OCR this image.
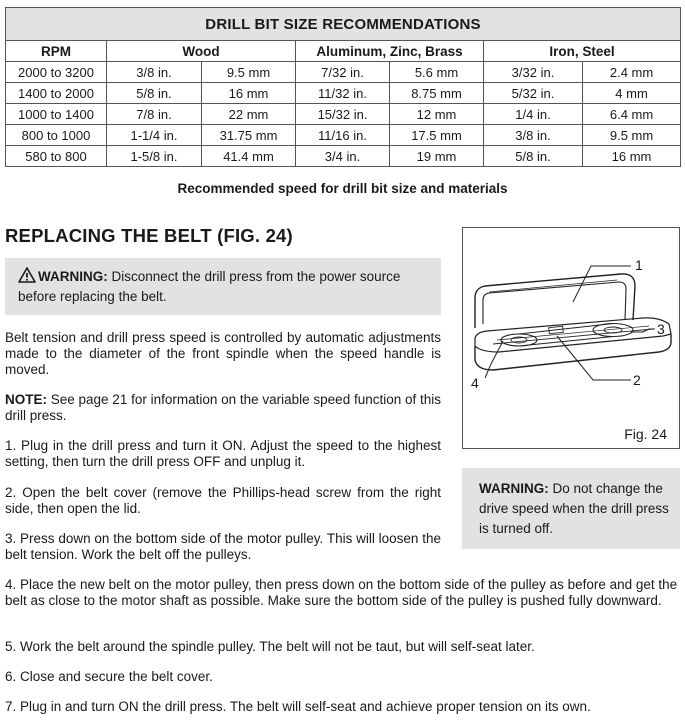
DRILL BIT SIZE RECOMMENDATIONS						
RPM	Wood		Aluminum, Zinc, Brass		Iron, Steel	
2000 to 3200	3/8 in.	9.5 mm	7/32 in.	5.6 mm	3/32 in.	2.4 mm
1400 to 2000	5/8 in.	16 mm	11/32 in.	8.75 mm	5/32 in.	4 mm
1000 to 1400	7/8 in.	22 mm	15/32 in.	12 mm	1/4 in.	6.4 mm
800 to 1000	1-1/4 in.	31.75 mm	11/16 in.	17.5 mm	3/8 in.	9.5 mm
580 to 800	1-5/8 in.	41.4 mm	3/4 in.	19 mm	5/8 in.	16 mm
Recommended speed for drill bit size and materials
REPLACING THE BELT (FIG. 24)
WARNING: Disconnect the drill press from the power source before replacing the belt.
Belt tension and drill press speed is controlled by automatic adjustments made to the diameter of the front spindle when the speed handle is moved.
NOTE: See page 21 for information on the variable speed function of this drill press.
1. Plug in the drill press and turn it ON. Adjust the speed to the highest setting, then turn the drill press OFF and unplug it.
2. Open the belt cover (remove the Phillips-head screw from the right side, then open the lid.
3. Press down on the bottom side of the motor pulley. This will loosen the belt tension. Work the belt off the pulleys.
4. Place the new belt on the motor pulley, then press down on the bottom side of the pulley as before and get the belt as close to the motor shaft as possible. Make sure the bottom side of the pulley is pushed fully downward.
5. Work the belt around the spindle pulley. The belt will not be taut, but will self-seat later.
6. Close and secure the belt cover.
7. Plug in and turn ON the drill press. The belt will self-seat and achieve proper tension on its own.
1
2
3
4
Fig. 24
WARNING: Do not change the drive speed when the drill press is turned off.
